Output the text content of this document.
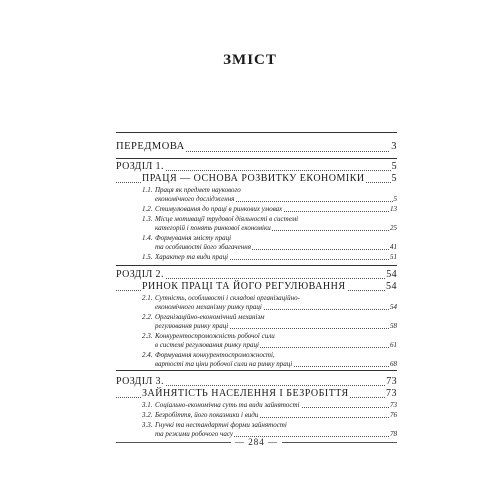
ЗМІСТ
ПЕРЕДМОВА	3
РОЗДІЛ 1.	5
ПРАЦЯ — ОСНОВА РОЗВИТКУ ЕКОНОМІКИ	5
1.1. Праця як предмет наукового
економічного дослідження	5
1.2. Стимулювання до праці в ринкових умовах	13
1.3. Місце мотивації трудової діяльності в системі
категорій і понять ринкової економіки	25
1.4. Формування змісту праці
та особливості його збагачення	41
1.5. Характер та види праці	51
РОЗДІЛ 2.	54
РИНОК ПРАЦІ ТА ЙОГО РЕГУЛЮВАННЯ	54
2.1. Сутність, особливості і складові організаційно-
економічного механізму ринку праці	54
2.2. Організаційно-економічний механізм
регулювання ринку праці	58
2.3. Конкурентоспроможність робочої сили
в системі регулювання ринку праці	61
2.4. Формування конкурентоспроможності,
вартості та ціни робочої сили на ринку праці	68
РОЗДІЛ 3.	73
ЗАЙНЯТІСТЬ НАСЕЛЕННЯ І БЕЗРОБІТТЯ	73
3.1. Соціально-економічна суть та види зайнятості	73
3.2. Безробіття, його показники і види	76
3.3. Гнучкі та нестандартні форми зайнятості
та режими робочого часу	78
— 284 —
